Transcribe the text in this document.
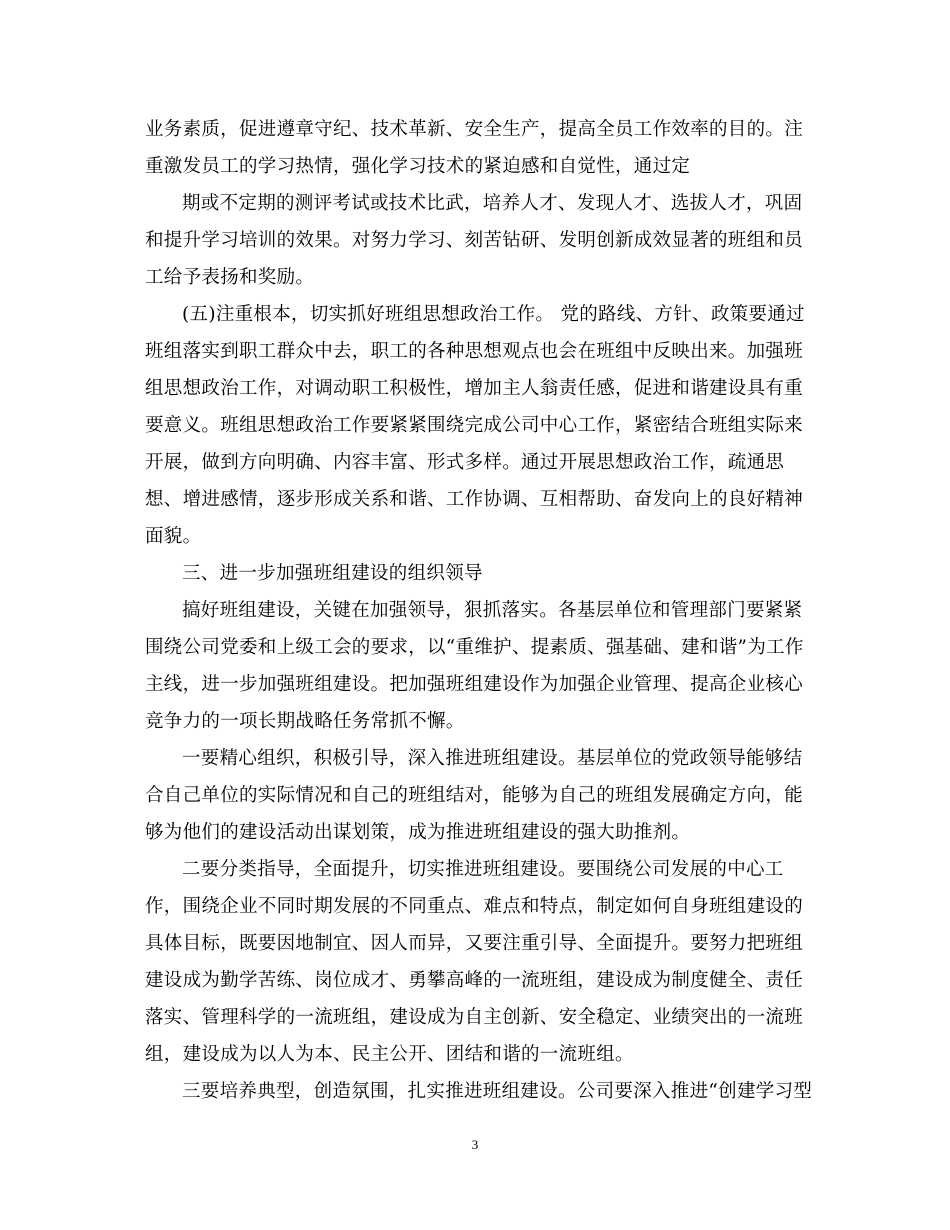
业务素质，促进遵章守纪、技术革新、安全生产，提高全员工作效率的目的。注
重激发员工的学习热情，强化学习技术的紧迫感和自觉性，通过定
期或不定期的测评考试或技术比武，培养人才、发现人才、选拔人才，巩固
和提升学习培训的效果。对努力学习、刻苦钻研、发明创新成效显著的班组和员
工给予表扬和奖励。
(五)注重根本，切实抓好班组思想政治工作。 党的路线、方针、政策要通过
班组落实到职工群众中去，职工的各种思想观点也会在班组中反映出来。加强班
组思想政治工作，对调动职工积极性，增加主人翁责任感，促进和谐建设具有重
要意义。班组思想政治工作要紧紧围绕完成公司中心工作，紧密结合班组实际来
开展，做到方向明确、内容丰富、形式多样。通过开展思想政治工作，疏通思
想、增进感情，逐步形成关系和谐、工作协调、互相帮助、奋发向上的良好精神
面貌。
三、进一步加强班组建设的组织领导
搞好班组建设，关键在加强领导，狠抓落实。各基层单位和管理部门要紧紧
围绕公司党委和上级工会的要求，以“重维护、提素质、强基础、建和谐”为工作
主线，进一步加强班组建设。把加强班组建设作为加强企业管理、提高企业核心
竞争力的一项长期战略任务常抓不懈。
一要精心组织，积极引导，深入推进班组建设。基层单位的党政领导能够结
合自己单位的实际情况和自己的班组结对，能够为自己的班组发展确定方向，能
够为他们的建设活动出谋划策，成为推进班组建设的强大助推剂。
二要分类指导，全面提升，切实推进班组建设。要围绕公司发展的中心工
作，围绕企业不同时期发展的不同重点、难点和特点，制定如何自身班组建设的
具体目标，既要因地制宜、因人而异，又要注重引导、全面提升。要努力把班组
建设成为勤学苦练、岗位成才、勇攀高峰的一流班组，建设成为制度健全、责任
落实、管理科学的一流班组，建设成为自主创新、安全稳定、业绩突出的一流班
组，建设成为以人为本、民主公开、团结和谐的一流班组。
三要培养典型，创造氛围，扎实推进班组建设。公司要深入推进“创建学习型
3
